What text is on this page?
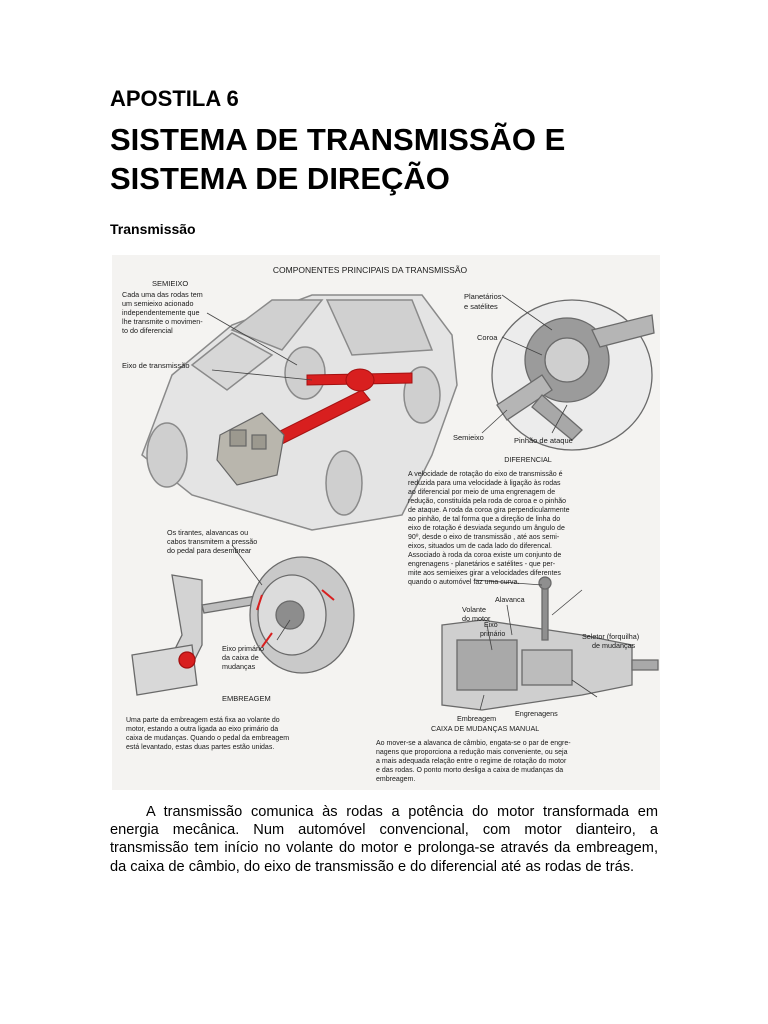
APOSTILA 6
SISTEMA DE TRANSMISSÃO E SISTEMA DE DIREÇÃO
Transmissão
COMPONENTES PRINCIPAIS DA TRANSMISSÃO
SEMIEIXO
Cada uma das rodas tem
um semieixo acionado
independentemente que
lhe transmite o movimen-
to do diferencial
Eixo de transmissão
Planetários
e satélites
Coroa
Semieixo	Pinhão de ataque
DIFERENCIAL
A velocidade de rotação do eixo de transmissão é
reduzida para uma velocidade à ligação às rodas
ao diferencial por meio de uma engrenagem de
redução, constituída pela roda de coroa e o pinhão
de ataque. A roda da coroa gira perpendicularmente
ao pinhão, de tal forma que a direção de linha do
eixo de rotação é desviada segundo um ângulo de
90º, desde o eixo de transmissão , até aos semi-
eixos, situados um de cada lado do diferencal.
Associado à roda da coroa existe um conjunto de
engrenagens - planetários e satélites - que per-
mite aos semieixes girar a velocidades diferentes
quando o automóvel faz uma curva.
Os tirantes, alavancas ou
cabos transmitem a pressão
do pedal para desembrear
Eixo primário
da caixa de
mudanças
EMBREAGEM
Uma parte da embreagem está fixa ao volante do
motor, estando a outra ligada ao eixo primário da
caixa de mudanças. Quando o pedal da embreagem
está levantado, estas duas partes estão unidas.
Alavanca
Volante
do motor
Eixo
primário	Seletor (forquilha)
de mudanças
Engrenagens
Embreagem
CAIXA DE MUDANÇAS MANUAL
Ao mover-se a alavanca de câmbio, engata-se o par de engre-
nagens que proporciona a redução mais conveniente, ou seja
a mais adequada relação entre o regime de rotação do motor
e das rodas. O ponto morto desliga a caixa de mudanças da
embreagem.

A transmissão comunica às rodas a potência do motor transformada em energia mecânica. Num automóvel convencional, com motor dianteiro, a transmissão tem início no volante do motor e prolonga-se através da embreagem, da caixa de câmbio, do eixo de transmissão e do diferencial até as rodas de trás.
